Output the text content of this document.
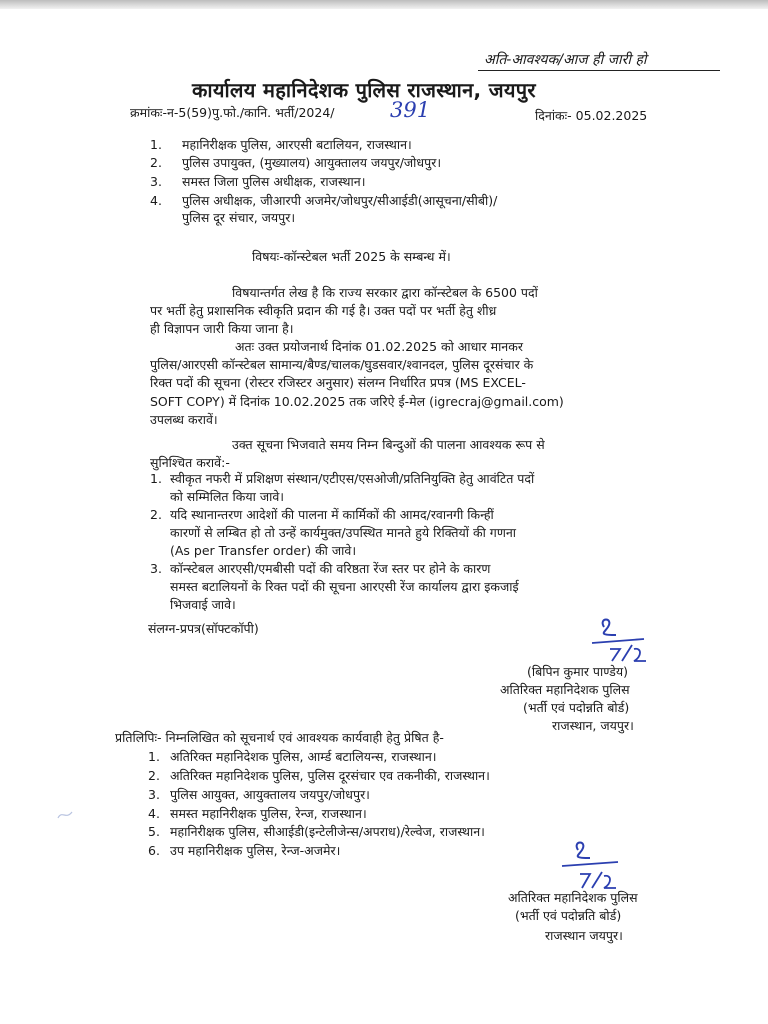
अति-आवश्यक/आज ही जारी हो
कार्यालय महानिदेशक पुलिस राजस्थान, जयपुर
क्रमांकः-न-5(59)पु.फो./कानि. भर्ती/2024/	391	दिनांकः- 05.02.2025
1. महानिरीक्षक पुलिस, आरएसी बटालियन, राजस्थान।
2. पुलिस उपायुक्त, (मुख्यालय) आयुक्तालय जयपुर/जोधपुर।
3. समस्त जिला पुलिस अधीक्षक, राजस्थान।
4. पुलिस अधीक्षक, जीआरपी अजमेर/जोधपुर/सीआईडी(आसूचना/सीबी)/
पुलिस दूर संचार, जयपुर।
विषयः-कॉन्स्टेबल भर्ती 2025 के सम्बन्ध में।
विषयान्तर्गत लेख है कि राज्य सरकार द्वारा कॉन्स्टेबल के 6500 पदों
पर भर्ती हेतु प्रशासनिक स्वीकृति प्रदान की गई है। उक्त पदों पर भर्ती हेतु शीध्र
ही विज्ञापन जारी किया जाना है।
अतः उक्त प्रयोजनार्थ दिनांक 01.02.2025 को आधार मानकर
पुलिस/आरएसी कॉन्स्टेबल सामान्य/बैण्ड/चालक/घुडसवार/श्वानदल, पुलिस दूरसंचार के
रिक्त पदों की सूचना (रोस्टर रजिस्टर अनुसार) संलग्न निर्धारित प्रपत्र (MS EXCEL-
SOFT COPY) में दिनांक 10.02.2025 तक जरिऐ ई-मेल (igrecraj@gmail.com)
उपलब्ध करावें।
उक्त सूचना भिजवाते समय निम्न बिन्दुओं की पालना आवश्यक रूप से
सुनिश्चित करावें:-
1. स्वीकृत नफरी में प्रशिक्षण संस्थान/एटीएस/एसओजी/प्रतिनियुक्ति हेतु आवंटित पदों
को सम्मिलित किया जावे।
2. यदि स्थानान्तरण आदेशों की पालना में कार्मिकों की आमद/रवानगी किन्हीं
कारणों से लम्बित हो तो उन्हें कार्यमुक्त/उपस्थित मानते हुये रिक्तियों की गणना
(As per Transfer order) की जावे।
3. कॉन्स्टेबल आरएसी/एमबीसी पदों की वरिष्ठता रेंज स्तर पर होने के कारण
समस्त बटालियनों के रिक्त पदों की सूचना आरएसी रेंज कार्यालय द्वारा इकजाई
भिजवाई जावे।
संलग्न-प्रपत्र(सॉफ्टकॉपी)
(बिपिन कुमार पाण्डेय)
अतिरिक्त महानिदेशक पुलिस
(भर्ती एवं पदोन्नति बोर्ड)
राजस्थान, जयपुर।
प्रतिलिपिः- निम्नलिखित को सूचनार्थ एवं आवश्यक कार्यवाही हेतु प्रेषित है-
1. अतिरिक्त महानिदेशक पुलिस, आर्म्ड बटालियन्स, राजस्थान।
2. अतिरिक्त महानिदेशक पुलिस, पुलिस दूरसंचार एव तकनीकी, राजस्थान।
3. पुलिस आयुक्त, आयुक्तालय जयपुर/जोधपुर।
4. समस्त महानिरीक्षक पुलिस, रेन्ज, राजस्थान।
5. महानिरीक्षक पुलिस, सीआईडी(इन्टेलीजेन्स/अपराध)/रेल्वेज, राजस्थान।
6. उप महानिरीक्षक पुलिस, रेन्ज-अजमेर।
अतिरिक्त महानिदेशक पुलिस
(भर्ती एवं पदोन्नति बोर्ड)
राजस्थान जयपुर।
